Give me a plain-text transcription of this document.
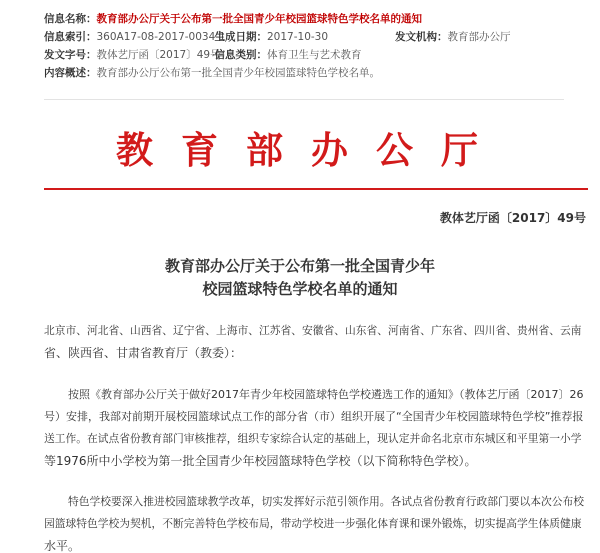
信息名称： 教育部办公厅关于公布第一批全国青少年校园篮球特色学校名单的通知
信息索引： 360A17-08-2017-0034-1
生成日期： 2017-10-30	发文机构： 教育部办公厅
发文字号： 教体艺厅函〔2017〕49号
信息类别： 体育卫生与艺术教育
内容概述： 教育部办公厅公布第一批全国青少年校园篮球特色学校名单。
教育部办公厅
教体艺厅函〔2017〕49号
教育部办公厅关于公布第一批全国青少年
校园篮球特色学校名单的通知
北京市、河北省、山西省、辽宁省、上海市、江苏省、安徽省、山东省、河南省、广东省、四川省、贵州省、云南
省、陕西省、甘肃省教育厅（教委）：
按照《教育部办公厅关于做好2017年青少年校园篮球特色学校遴选工作的通知》（教体艺厅函〔2017〕26
号）安排，我部对前期开展校园篮球试点工作的部分省（市）组织开展了“全国青少年校园篮球特色学校”推荐报
送工作。在试点省份教育部门审核推荐，组织专家综合认定的基础上，现认定并命名北京市东城区和平里第一小学
等1976所中小学校为第一批全国青少年校园篮球特色学校（以下简称特色学校）。
特色学校要深入推进校园篮球教学改革，切实发挥好示范引领作用。各试点省份教育行政部门要以本次公布校
园篮球特色学校为契机，不断完善特色学校布局，带动学校进一步强化体育课和课外锻炼，切实提高学生体质健康
水平。
